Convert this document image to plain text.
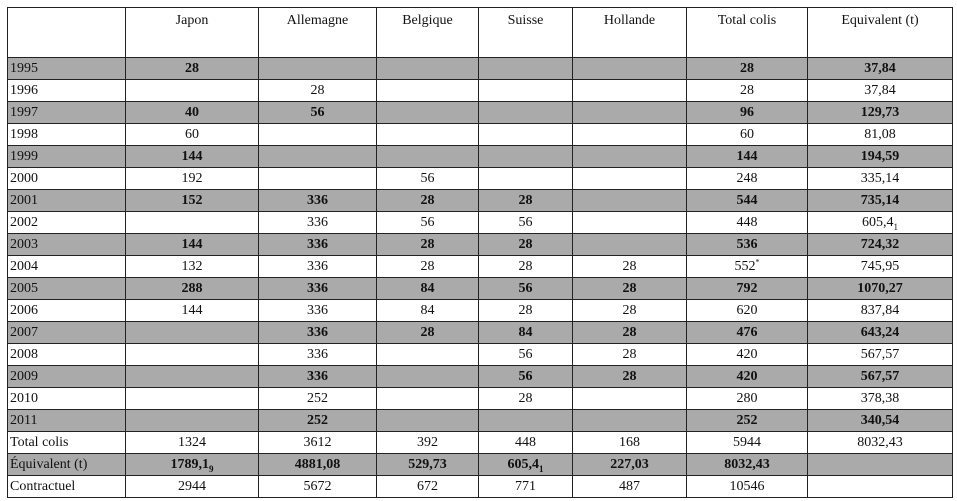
	Japon	Allemagne	Belgique	Suisse	Hollande	Total colis	Equivalent (t)
1995	28					28	37,84
1996		28				28	37,84
1997	40	56				96	129,73
1998	60					60	81,08
1999	144					144	194,59
2000	192		56			248	335,14
2001	152	336	28	28		544	735,14
2002		336	56	56		448	$605,4_1$
2003	144	336	28	28		536	724,32
2004	132	336	28	28	28	552*	745,95
2005	288	336	84	56	28	792	1070,27
2006	144	336	84	28	28	620	837,84
2007		336	28	84	28	476	643,24
2008		336		56	28	420	567,57
2009		336		56	28	420	567,57
2010		252		28		280	378,38
2011		252				252	340,54
Total colis	1324	3612	392	448	168	5944	8032,43
Équivalent (t)	$1789,1_9$	4881,08	529,73	$605,4_1$	227,03	8032,43	
Contractuel	2944	5672	672	771	487	10546	
